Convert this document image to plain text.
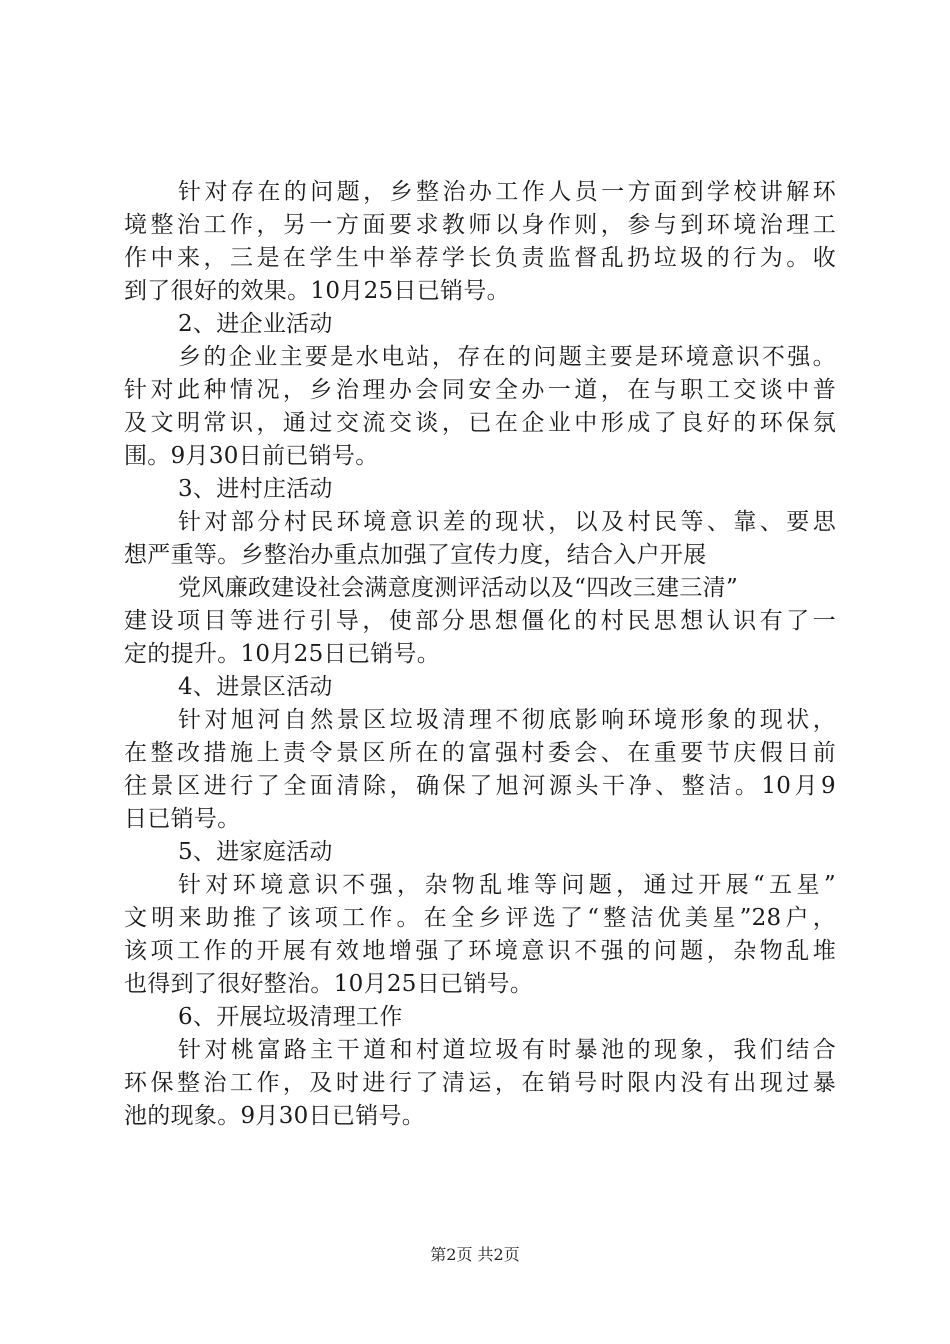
针对存在的问题，乡整治办工作人员一方面到学校讲解环
境整治工作，另一方面要求教师以身作则，参与到环境治理工
作中来，三是在学生中举荐学长负责监督乱扔垃圾的行为。收
到了很好的效果。10月25日已销号。
2、进企业活动
乡的企业主要是水电站，存在的问题主要是环境意识不强。
针对此种情况，乡治理办会同安全办一道，在与职工交谈中普
及文明常识，通过交流交谈，已在企业中形成了良好的环保氛
围。9月30日前已销号。
3、进村庄活动
针对部分村民环境意识差的现状，以及村民等、靠、要思
想严重等。乡整治办重点加强了宣传力度，结合入户开展
党风廉政建设社会满意度测评活动以及“四改三建三清”
建设项目等进行引导，使部分思想僵化的村民思想认识有了一
定的提升。10月25日已销号。
4、进景区活动
针对旭河自然景区垃圾清理不彻底影响环境形象的现状，
在整改措施上责令景区所在的富强村委会、在重要节庆假日前
往景区进行了全面清除，确保了旭河源头干净、整洁。10月9
日已销号。
5、进家庭活动
针对环境意识不强，杂物乱堆等问题，通过开展“五星”
文明来助推了该项工作。在全乡评选了“整洁优美星”28户，
该项工作的开展有效地增强了环境意识不强的问题，杂物乱堆
也得到了很好整治。10月25日已销号。
6、开展垃圾清理工作
针对桃富路主干道和村道垃圾有时暴池的现象，我们结合
环保整治工作，及时进行了清运，在销号时限内没有出现过暴
池的现象。9月30日已销号。
第2页 共2页
